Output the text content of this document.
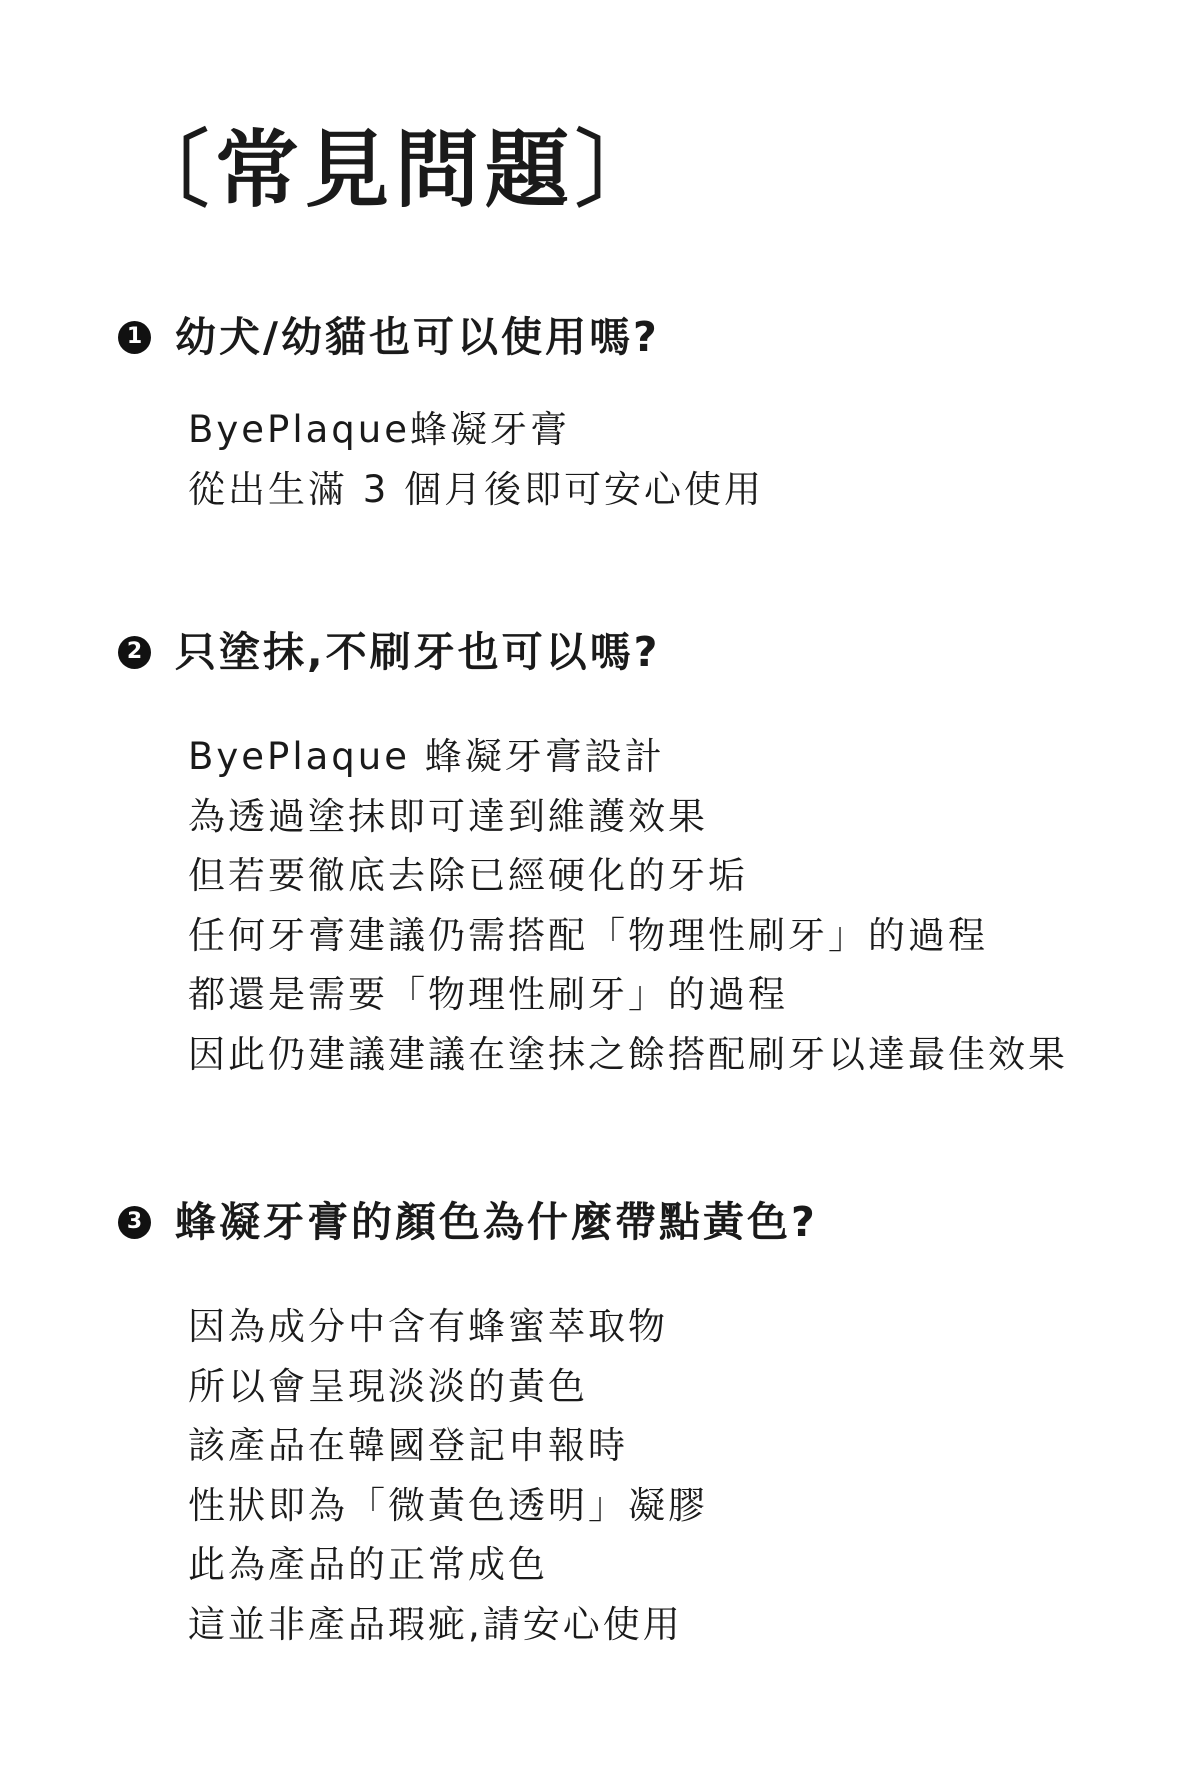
〔常見問題〕
1 幼犬/幼貓也可以使用嗎?
ByePlaque蜂凝牙膏
從出生滿 3 個月後即可安心使用
2 只塗抹,不刷牙也可以嗎?
ByePlaque 蜂凝牙膏設計
為透過塗抹即可達到維護效果
但若要徹底去除已經硬化的牙垢
任何牙膏建議仍需搭配「物理性刷牙」的過程
都還是需要「物理性刷牙」的過程
因此仍建議建議在塗抹之餘搭配刷牙以達最佳效果
3 蜂凝牙膏的顏色為什麼帶點黃色?
因為成分中含有蜂蜜萃取物
所以會呈現淡淡的黃色
該產品在韓國登記申報時
性狀即為「微黃色透明」凝膠
此為產品的正常成色
這並非產品瑕疵,請安心使用
